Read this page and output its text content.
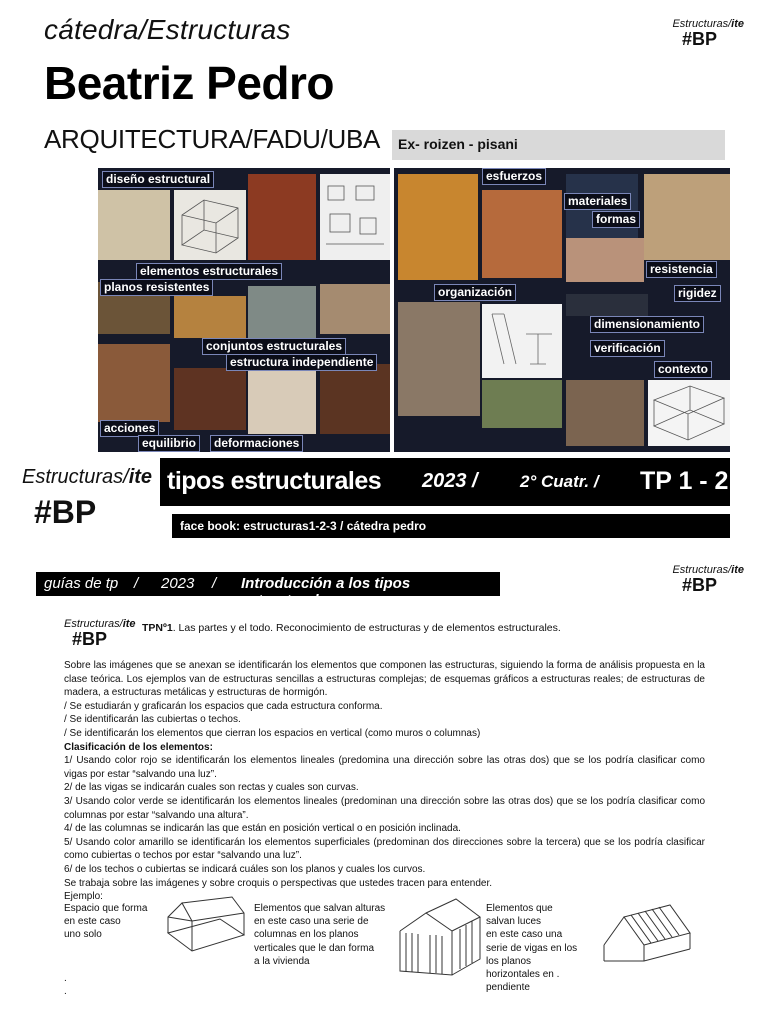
cátedra/Estructuras
Beatriz Pedro
ARQUITECTURA/FADU/UBA Ex- roizen - pisani
Estructuras/ite
#BP
diseño estructural
elementos estructurales
planos resistentes
conjuntos estructurales
estructura independiente
acciones
equilibrio	deformaciones
esfuerzos
materiales
formas
resistencia
rigidez
organización
dimensionamiento
verificación
contexto
Estructuras/ite
#BP
tipos estructurales 2023 / 2° Cuatr. / TP 1 - 2
face book: estructuras1-2-3 / cátedra pedro
guías de tp / 2023 / Introducción a los tipos estructurales
Estructuras/ite
#BP
Estructuras/ite
#BP
TPNº1. Las partes y el todo. Reconocimiento de estructuras y de elementos estructurales.

Sobre las imágenes que se anexan se identificarán los elementos que componen las estructuras, siguiendo la forma de análisis propuesta en la clase teórica. Los ejemplos van de estructuras sencillas a estructuras complejas; de esquemas gráficos a estructuras reales; de estructuras de madera, a estructuras metálicas y estructuras de hormigón.

/ Se estudiarán y graficarán los espacios que cada estructura conforma.

/ Se identificarán las cubiertas o techos.

/ Se identificarán los elementos que cierran los espacios en vertical (como muros o columnas)

Clasificación de los elementos:

1/ Usando color rojo se identificarán los elementos lineales (predomina una dirección sobre las otras dos) que se los podría clasificar como vigas por estar “salvando una luz”.

2/ de las vigas se indicarán cuales son rectas y cuales son curvas.

3/ Usando color verde se identificarán los elementos lineales (predominan una dirección sobre las otras dos) que se los podría clasificar como columnas por estar “salvando una altura”.

4/ de las columnas se indicarán las que están en posición vertical o en posición inclinada.

5/ Usando color amarillo se identificarán los elementos superficiales (predominan dos direcciones sobre la tercera) que se los podría clasificar como cubiertas o techos por estar “salvando una luz”.

6/ de los techos o cubiertas se indicará cuáles son los planos y cuales los curvos.

Se trabaja sobre las imágenes y sobre croquis o perspectivas que ustedes tracen para entender.

Ejemplo:

Espacio que forma
en este caso
uno solo
.
.
Elementos que salvan alturas
en este caso una serie de
columnas en los planos
verticales que le dan forma
a la vivienda
Elementos que
salvan luces
en este caso una
serie de vigas en los
los planos
horizontales en .
pendiente
